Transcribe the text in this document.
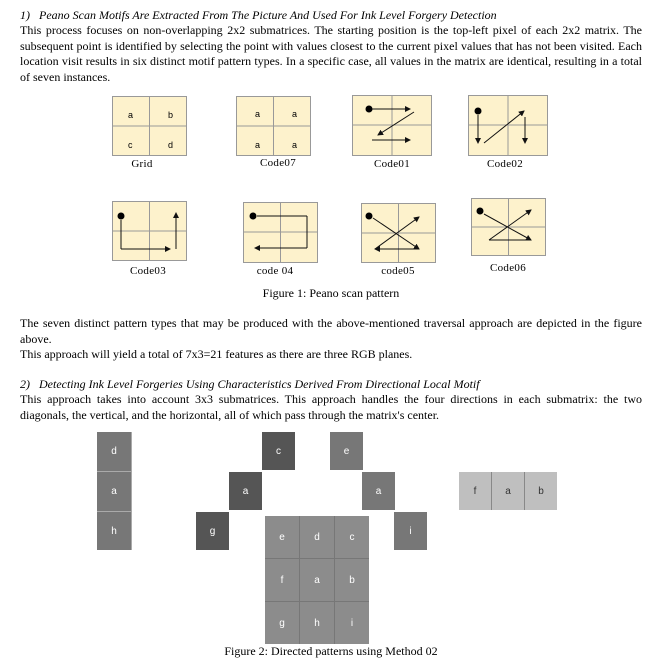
1)   Peano Scan Motifs Are Extracted From The Picture And Used For Ink Level Forgery Detection
This process focuses on non-overlapping 2x2 submatrices. The starting position is the top-left pixel of each 2x2 matrix. The subsequent point is identified by selecting the point with values closest to the current pixel values that has not been visited. Each location visit results in six distinct motif pattern types. In a specific case, all values in the matrix are identical, resulting in a total of seven instances.
a	b
c	d
Grid
a	a
a	a
Code07	Code01	Code02
Code03	code 04	code05	Code06
Figure 1: Peano scan pattern
The seven distinct pattern types that may be produced with the above-mentioned traversal approach are depicted in the figure above.
This approach will yield a total of 7x3=21 features as there are three RGB planes.
2)   Detecting Ink Level Forgeries Using Characteristics Derived From Directional Local Motif
This approach takes into account 3x3 submatrices. This approach handles the four directions in each submatrix: the two diagonals, the vertical, and the horizontal, all of which pass through the matrix's center.
d
a
h
c
a
g
e
a
i
f	a	b
e	d	c
f	a	b
g	h	i
Figure 2: Directed patterns using Method 02
